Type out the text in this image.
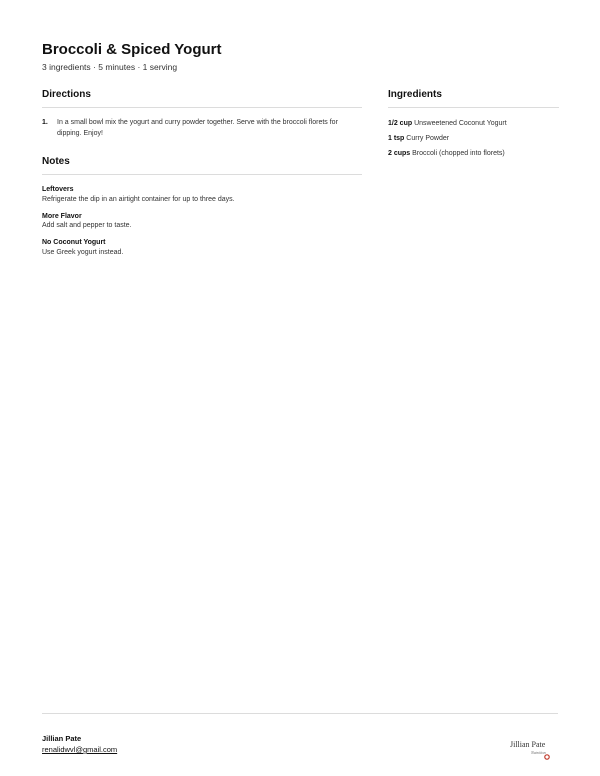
Broccoli & Spiced Yogurt
3 ingredients · 5 minutes · 1 serving
Directions
1.	In a small bowl mix the yogurt and curry powder together. Serve with the broccoli florets for dipping. Enjoy!
Notes
Leftovers
Refrigerate the dip in an airtight container for up to three days.
More Flavor
Add salt and pepper to taste.
No Coconut Yogurt
Use Greek yogurt instead.
Ingredients
1/2 cup Unsweetened Coconut Yogurt
1 tsp Curry Powder
2 cups Broccoli (chopped into florets)
Jillian Pate
renalidwvl@gmail.com
Jillian Pate
Nutrition
